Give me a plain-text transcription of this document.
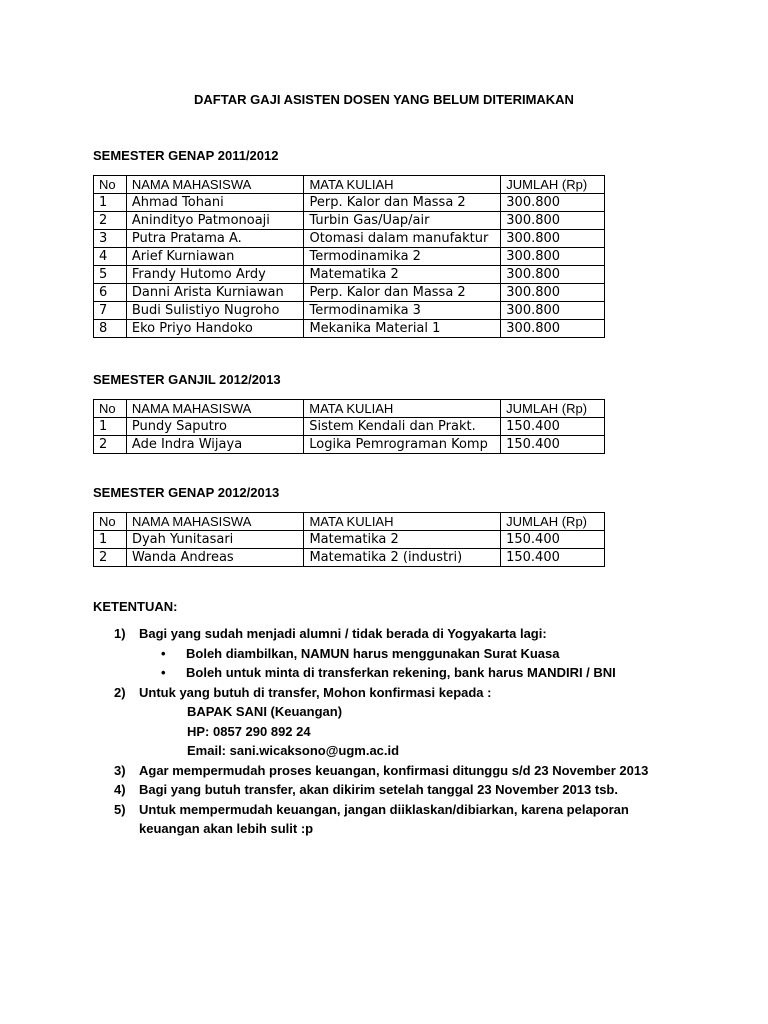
DAFTAR GAJI ASISTEN DOSEN YANG BELUM DITERIMAKAN
SEMESTER GENAP 2011/2012
No	NAMA MAHASISWA	MATA KULIAH	JUMLAH (Rp)
1	Ahmad Tohani	Perp. Kalor dan Massa 2	300.800
2	Anindityo Patmonoaji	Turbin Gas/Uap/air	300.800
3	Putra Pratama A.	Otomasi dalam manufaktur	300.800
4	Arief Kurniawan	Termodinamika 2	300.800
5	Frandy Hutomo Ardy	Matematika 2	300.800
6	Danni Arista Kurniawan	Perp. Kalor dan Massa 2	300.800
7	Budi Sulistiyo Nugroho	Termodinamika 3	300.800
8	Eko Priyo Handoko	Mekanika Material 1	300.800
SEMESTER GANJIL 2012/2013
No	NAMA MAHASISWA	MATA KULIAH	JUMLAH (Rp)
1	Pundy Saputro	Sistem Kendali dan Prakt.	150.400
2	Ade Indra Wijaya	Logika Pemrograman Komp	150.400
SEMESTER GENAP 2012/2013
No	NAMA MAHASISWA	MATA KULIAH	JUMLAH (Rp)
1	Dyah Yunitasari	Matematika 2	150.400
2	Wanda Andreas	Matematika 2 (industri)	150.400
KETENTUAN:
1) Bagi yang sudah menjadi alumni / tidak berada di Yogyakarta lagi:
• Boleh diambilkan, NAMUN harus menggunakan Surat Kuasa
• Boleh untuk minta di transferkan rekening, bank harus MANDIRI / BNI
2) Untuk yang butuh di transfer, Mohon konfirmasi kepada :
BAPAK SANI (Keuangan)
HP: 0857 290 892 24
Email: sani.wicaksono@ugm.ac.id
3) Agar mempermudah proses keuangan, konfirmasi ditunggu s/d 23 November 2013
4) Bagi yang butuh transfer, akan dikirim setelah tanggal 23 November 2013 tsb.
5) Untuk mempermudah keuangan, jangan diiklaskan/dibiarkan, karena pelaporan keuangan akan lebih sulit :p
